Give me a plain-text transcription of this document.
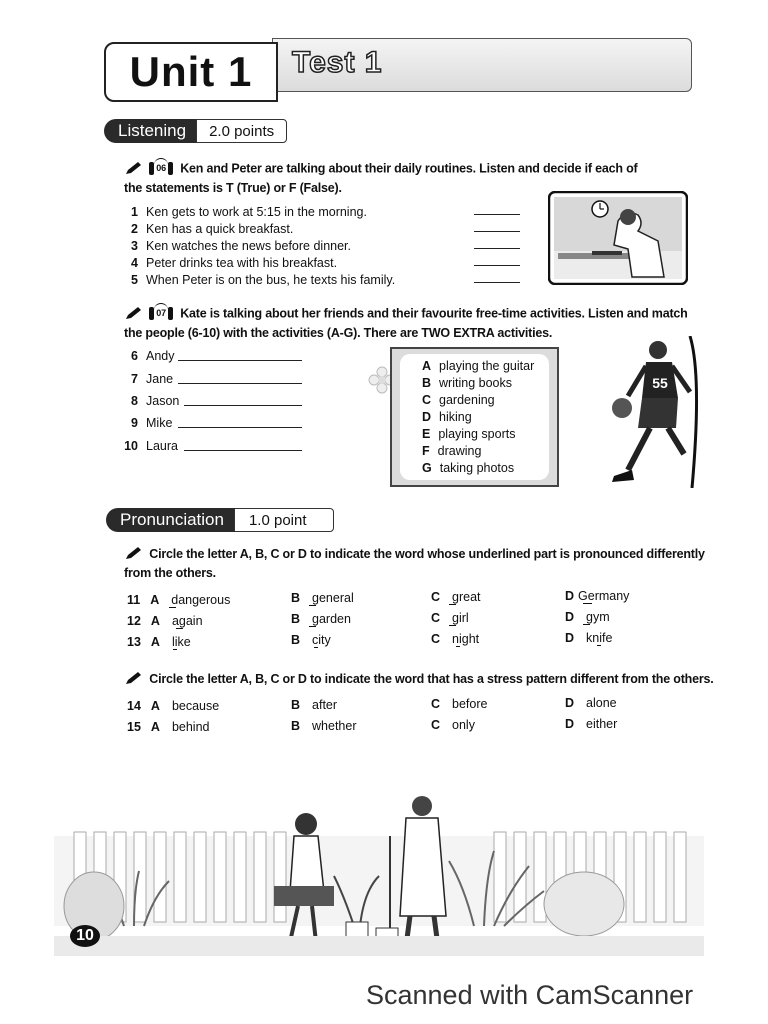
Unit 1 Test 1
Listening	2.0 points

06 Ken and Peter are talking about their daily routines. Listen and decide if each of the statements is T (True) or F (False).
1 Ken gets to work at 5:15 in the morning.
2 Ken has a quick breakfast.
3 Ken watches the news before dinner.
4 Peter drinks tea with his breakfast.
5 When Peter is on the bus, he texts his family.

07 Kate is talking about her friends and their favourite free-time activities. Listen and match the people (6-10) with the activities (A-G). There are TWO EXTRA activities.
6 Andy
7 Jane
8 Jason
9 Mike
10 Laura
A playing the guitar
B writing books
C gardening
D hiking
E playing sports
F drawing
G taking photos
55
Pronunciation	1.0 point
Circle the letter A, B, C or D to indicate the word whose underlined part is pronounced differently from the others.
11 A dangerous	B general	C great	D Germany
12 A again	B garden	C girl	D gym
13 A like	B city	C night	D knife
Circle the letter A, B, C or D to indicate the word that has a stress pattern different from the others.
14 A because	B after	C before	D alone
15 A behind	B whether	C only	D either
10
Scanned with CamScanner
